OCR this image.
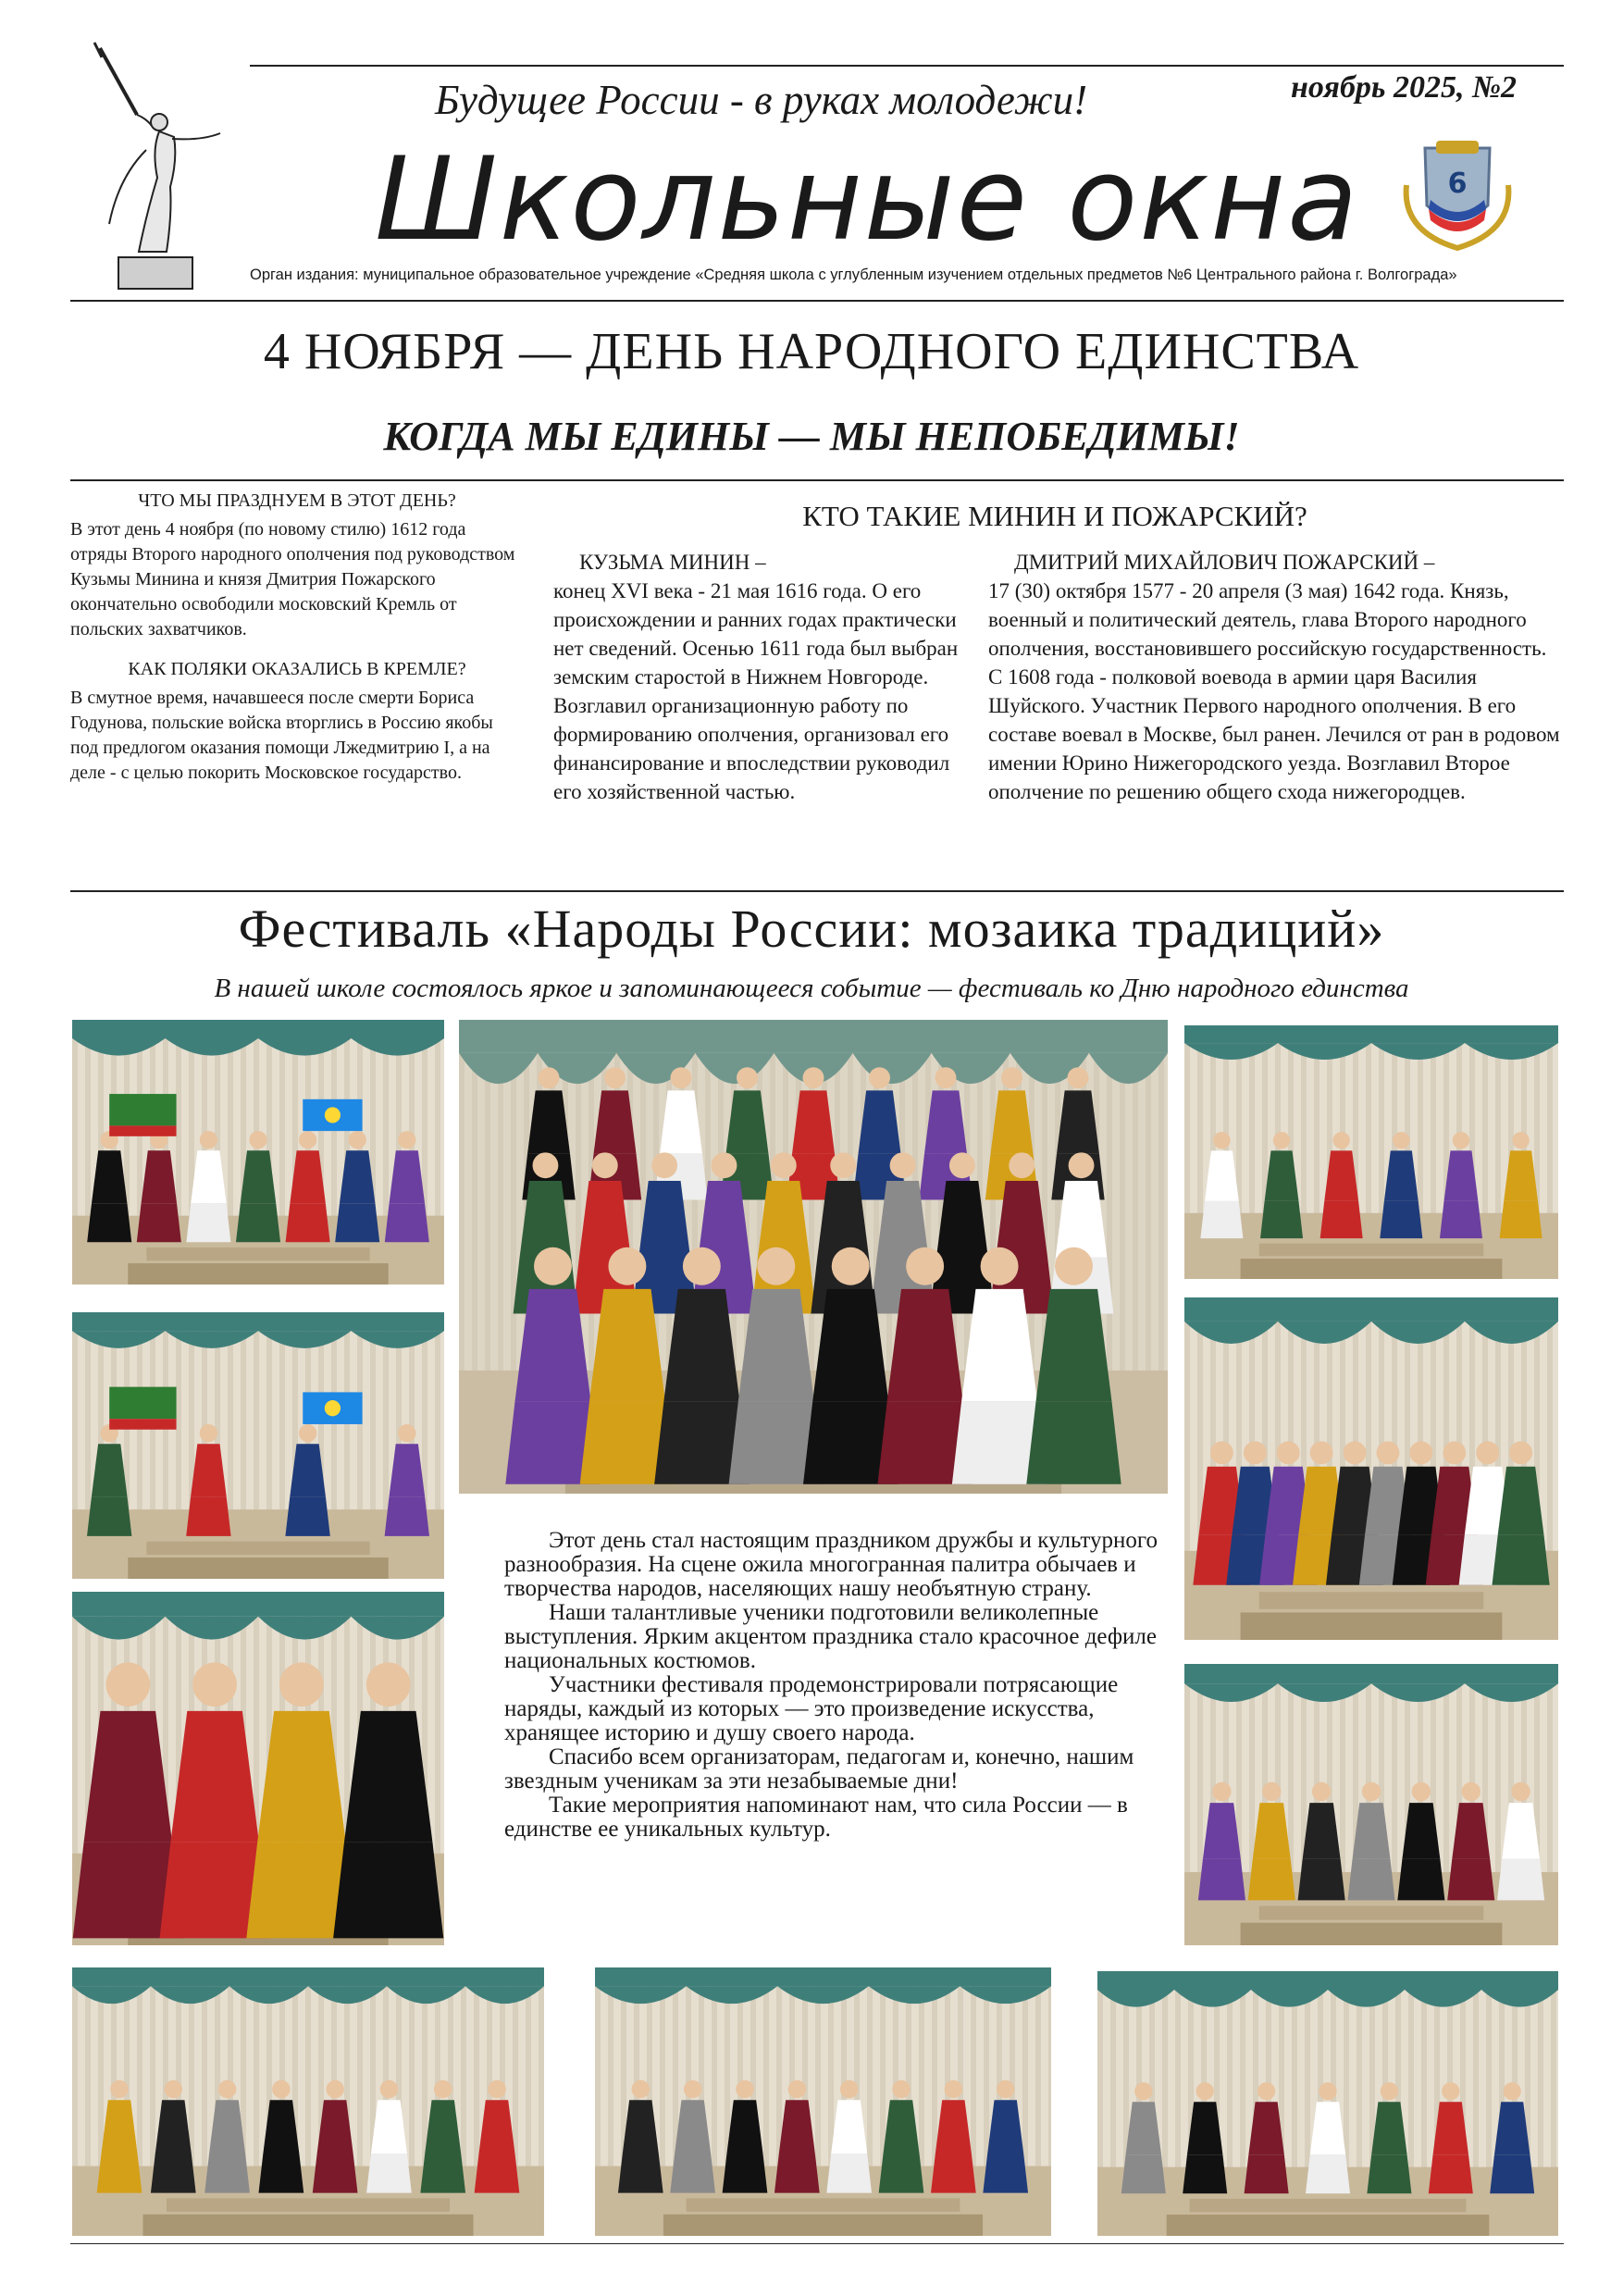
Будущее России - в руках молодежи!	ноябрь 2025, №2
Школьные окна	6
Орган издания: муниципальное образовательное учреждение «Средняя школа с углубленным изучением отдельных предметов №6 Центрального района г. Волгограда»
4 НОЯБРЯ — ДЕНЬ НАРОДНОГО ЕДИНСТВА
КОГДА МЫ ЕДИНЫ — МЫ НЕПОБЕДИМЫ!
ЧТО МЫ ПРАЗДНУЕМ В ЭТОТ ДЕНЬ?

В этот день 4 ноября (по новому стилю) 1612 года отряды Второго народного ополчения под руководством Кузьмы Минина и князя Дмитрия Пожарского окончательно освободили московский Кремль от польских захватчиков.

КАК ПОЛЯКИ ОКАЗАЛИСЬ В КРЕМЛЕ?

В смутное время, начавшееся после смерти Бориса Годунова, польские войска вторглись в Россию якобы под предлогом оказания помощи Лжедмитрию I, а на деле - с целью покорить Московское государство.

КТО ТАКИЕ МИНИН И ПОЖАРСКИЙ?

КУЗЬМА МИНИН –

конец XVI века - 21 мая 1616 года. О его происхождении и ранних годах практически нет сведений. Осенью 1611 года был выбран земским старостой в Нижнем Новгороде. Возглавил организационную работу по формированию ополчения, организовал его финансирование и впоследствии руководил его хозяйственной частью.

ДМИТРИЙ МИХАЙЛОВИЧ ПОЖАРСКИЙ –

17 (30) октября 1577 - 20 апреля (3 мая) 1642 года. Князь, военный и политический деятель, глава Второго народного ополчения, восстановившего российскую государственность. С 1608 года - полковой воевода в армии царя Василия Шуйского. Участник Первого народного ополчения. В его составе воевал в Москве, был ранен. Лечился от ран в родовом имении Юрино Нижегородского уезда. Возглавил Второе ополчение по решению общего схода нижегородцев.

Фестиваль «Народы России: мозаика традиций»
В нашей школе состоялось яркое и запоминающееся событие — фестиваль ко Дню народного единства

Этот день стал настоящим праздником дружбы и культурного разнообразия. На сцене ожила многогранная палитра обычаев и творчества народов, населяющих нашу необъятную страну.

Наши талантливые ученики подготовили великолепные выступления. Ярким акцентом праздника стало красочное дефиле национальных костюмов.

Участники фестиваля продемонстрировали потрясающие наряды, каждый из которых — это произведение искусства, хранящее историю и душу своего народа.

Спасибо всем организаторам, педагогам и, конечно, нашим звездным ученикам за эти незабываемые дни!

Такие мероприятия напоминают нам, что сила России — в единстве ее уникальных культур.
